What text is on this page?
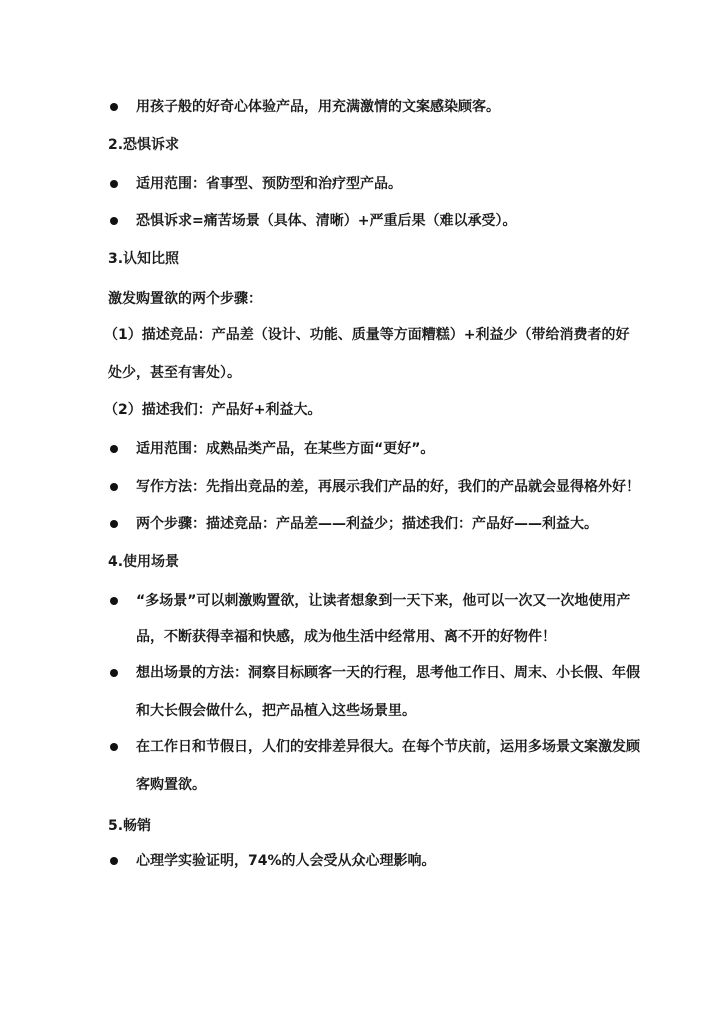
用孩子般的好奇心体验产品，用充满激情的文案感染顾客。
2.恐惧诉求
适用范围：省事型、预防型和治疗型产品。
恐惧诉求=痛苦场景（具体、清晰）+严重后果（难以承受）。
3.认知比照
激发购置欲的两个步骤：
（1）描述竞品：产品差（设计、功能、质量等方面糟糕）+利益少（带给消费者的好
处少，甚至有害处）。
（2）描述我们：产品好+利益大。
适用范围：成熟品类产品，在某些方面“更好”。
写作方法：先指出竞品的差，再展示我们产品的好，我们的产品就会显得格外好！
两个步骤：描述竞品：产品差——利益少；描述我们：产品好——利益大。
4.使用场景
“多场景”可以刺激购置欲，让读者想象到一天下来，他可以一次又一次地使用产
品，不断获得幸福和快感，成为他生活中经常用、离不开的好物件！
想出场景的方法：洞察目标顾客一天的行程，思考他工作日、周末、小长假、年假
和大长假会做什么，把产品植入这些场景里。
在工作日和节假日，人们的安排差异很大。在每个节庆前，运用多场景文案激发顾
客购置欲。
5.畅销
心理学实验证明，74%的人会受从众心理影响。
